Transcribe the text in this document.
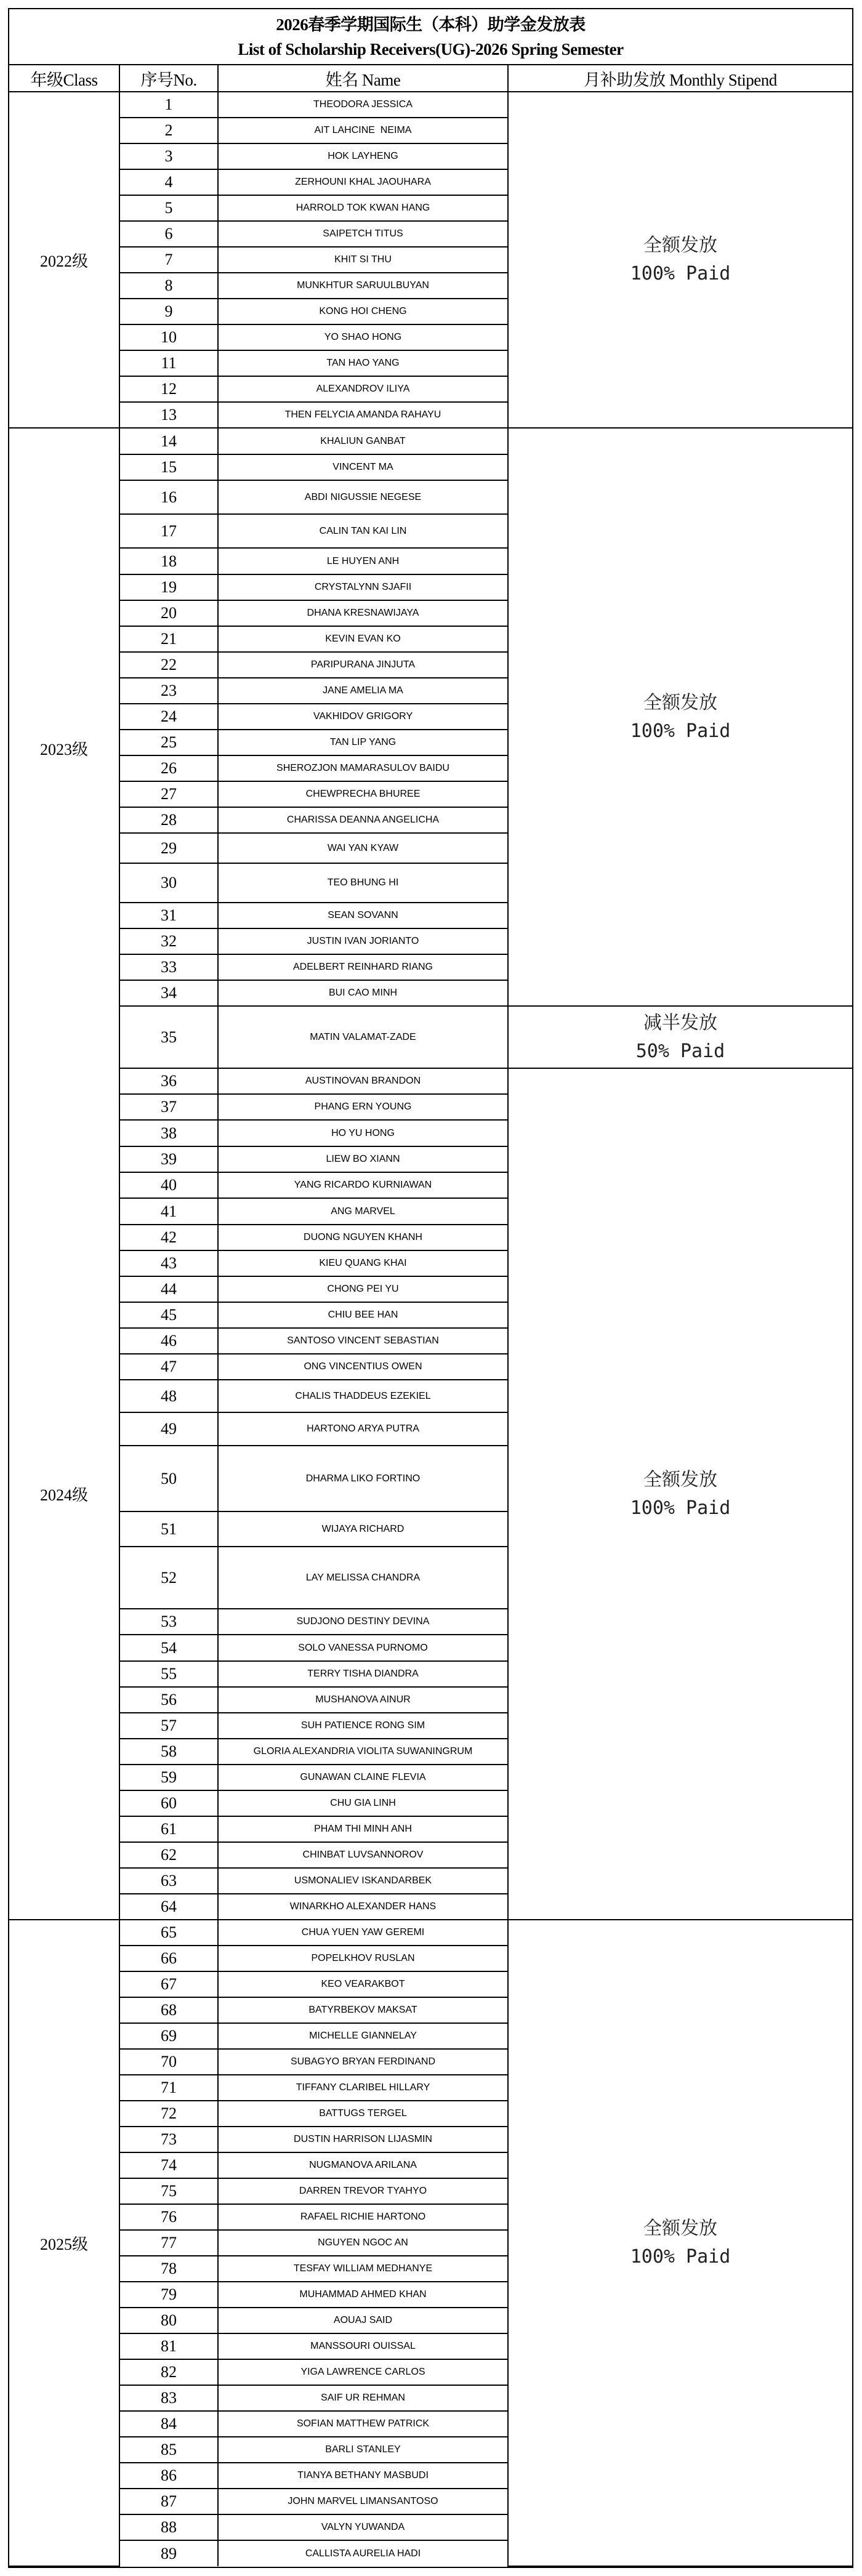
2026春季学期国际生（本科）助学金发放表
List of Scholarship Receivers(UG)-2026 Spring Semester
年级Class	序号No.	姓名 Name	月补助发放 Monthly Stipend
2022级	1	THEODORA JESSICA	全额发放
100% Paid

	2	AIT LAHCINE  NEIMA	
	3	HOK LAYHENG	
	4	ZERHOUNI KHAL JAOUHARA	
	5	HARROLD TOK KWAN HANG	
	6	SAIPETCH TITUS	
	7	KHIT SI THU	
	8	MUNKHTUR SARUULBUYAN	
	9	KONG HOI CHENG	
	10	YO SHAO HONG	
	11	TAN HAO YANG	
	12	ALEXANDROV ILIYA	
	13	THEN FELYCIA AMANDA RAHAYU	
2023级	14	KHALIUN GANBAT	全额发放
100% Paid

	15	VINCENT MA	
	16	ABDI NIGUSSIE NEGESE	
	17	CALIN TAN KAI LIN	
	18	LE HUYEN ANH	
	19	CRYSTALYNN SJAFII	
	20	DHANA KRESNAWIJAYA	
	21	KEVIN EVAN KO	
	22	PARIPURANA JINJUTA	
	23	JANE AMELIA MA	
	24	VAKHIDOV GRIGORY	
	25	TAN LIP YANG	
	26	SHEROZJON MAMARASULOV BAIDU	
	27	CHEWPRECHA BHUREE	
	28	CHARISSA DEANNA ANGELICHA	
	29	WAI YAN KYAW	
	30	TEO BHUNG HI	
	31	SEAN SOVANN	
	32	JUSTIN IVAN JORIANTO	
	33	ADELBERT REINHARD RIANG	
	34	BUI CAO MINH	
	35	MATIN VALAMAT-ZADE	减半发放
50% Paid

2024级	36	AUSTINOVAN BRANDON	全额发放
100% Paid

	37	PHANG ERN YOUNG	
	38	HO YU HONG	
	39	LIEW BO XIANN	
	40	YANG RICARDO KURNIAWAN	
	41	ANG MARVEL	
	42	DUONG NGUYEN KHANH	
	43	KIEU QUANG KHAI	
	44	CHONG PEI YU	
	45	CHIU BEE HAN	
	46	SANTOSO VINCENT SEBASTIAN	
	47	ONG VINCENTIUS OWEN	
	48	CHALIS THADDEUS EZEKIEL	
	49	HARTONO ARYA PUTRA	
	50	DHARMA LIKO FORTINO	
	51	WIJAYA RICHARD	
	52	LAY MELISSA CHANDRA	
	53	SUDJONO DESTINY DEVINA	
	54	SOLO VANESSA PURNOMO	
	55	TERRY TISHA DIANDRA	
	56	MUSHANOVA AINUR	
	57	SUH PATIENCE RONG SIM	
	58	GLORIA ALEXANDRIA VIOLITA SUWANINGRUM	
	59	GUNAWAN CLAINE FLEVIA	
	60	CHU GIA LINH	
	61	PHAM THI MINH ANH	
	62	CHINBAT LUVSANNOROV	
	63	USMONALIEV ISKANDARBEK	
	64	WINARKHO ALEXANDER HANS	
2025级	65	CHUA YUEN YAW GEREMI	全额发放
100% Paid

	66	POPELKHOV RUSLAN	
	67	KEO VEARAKBOT	
	68	BATYRBEKOV MAKSAT	
	69	MICHELLE GIANNELAY	
	70	SUBAGYO BRYAN FERDINAND	
	71	TIFFANY CLARIBEL HILLARY	
	72	BATTUGS TERGEL	
	73	DUSTIN HARRISON LIJASMIN	
	74	NUGMANOVA ARILANA	
	75	DARREN TREVOR TYAHYO	
	76	RAFAEL RICHIE HARTONO	
	77	NGUYEN NGOC AN	
	78	TESFAY WILLIAM MEDHANYE	
	79	MUHAMMAD AHMED KHAN	
	80	AOUAJ SAID	
	81	MANSSOURI OUISSAL	
	82	YIGA LAWRENCE CARLOS	
	83	SAIF UR REHMAN	
	84	SOFIAN MATTHEW PATRICK	
	85	BARLI STANLEY	
	86	TIANYA BETHANY MASBUDI	
	87	JOHN MARVEL LIMANSANTOSO	
	88	VALYN YUWANDA	
	89	CALLISTA AURELIA HADI	
